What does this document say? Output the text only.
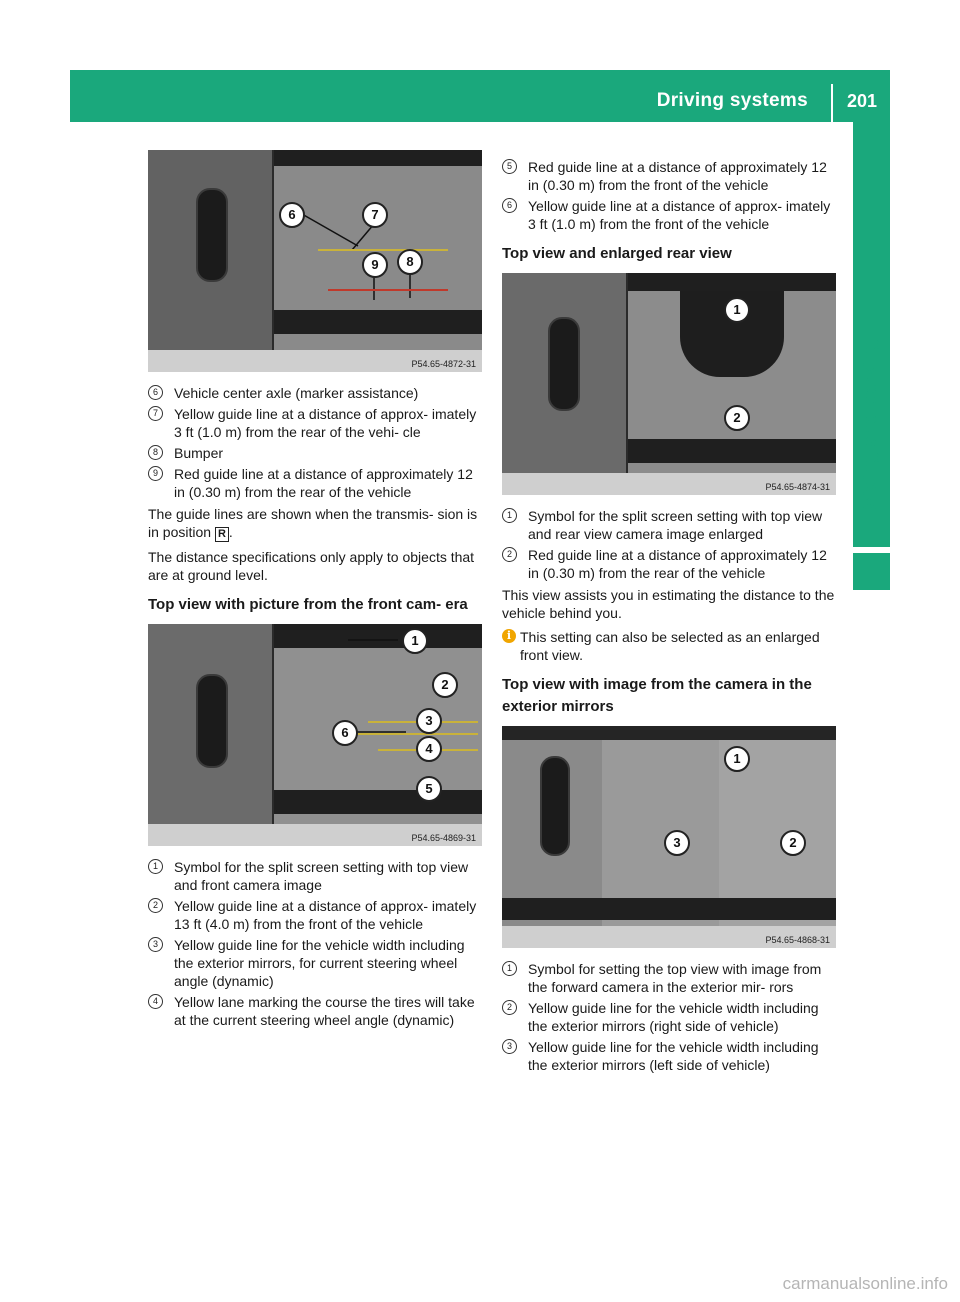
Driving systems	201
Driving and parking
6	7
9	8
P54.65-4872-31
6	Vehicle center axle (marker assistance)
7	Yellow guide line at a distance of approx- imately 3 ft (1.0 m) from the rear of the vehi- cle
8	Bumper
9	Red guide line at a distance of approximately 12 in (0.30 m) from the rear of the vehicle

The guide lines are shown when the transmis- sion is in position R .

The distance specifications only apply to objects that are at ground level.

Top view with picture from the front cam- era
1
2
3
6
4
5
P54.65-4869-31
1	Symbol for the split screen setting with top view and front camera image
2	Yellow guide line at a distance of approx- imately 13 ft (4.0 m) from the front of the vehicle
3	Yellow guide line for the vehicle width including the exterior mirrors, for current steering wheel angle (dynamic)
4	Yellow lane marking the course the tires will take at the current steering wheel angle (dynamic)
5	Red guide line at a distance of approximately 12 in (0.30 m) from the front of the vehicle
6	Yellow guide line at a distance of approx- imately 3 ft (1.0 m) from the front of the vehicle
Top view and enlarged rear view
1
2
P54.65-4874-31
1	Symbol for the split screen setting with top view and rear view camera image enlarged
2	Red guide line at a distance of approximately 12 in (0.30 m) from the rear of the vehicle

This view assists you in estimating the distance to the vehicle behind you.

i This setting can also be selected as an enlarged front view.
Top view with image from the camera in the exterior mirrors
1
3	2
P54.65-4868-31
1	Symbol for setting the top view with image from the forward camera in the exterior mir- rors
2	Yellow guide line for the vehicle width including the exterior mirrors (right side of vehicle)
3	Yellow guide line for the vehicle width including the exterior mirrors (left side of vehicle)
carmanualsonline.info
